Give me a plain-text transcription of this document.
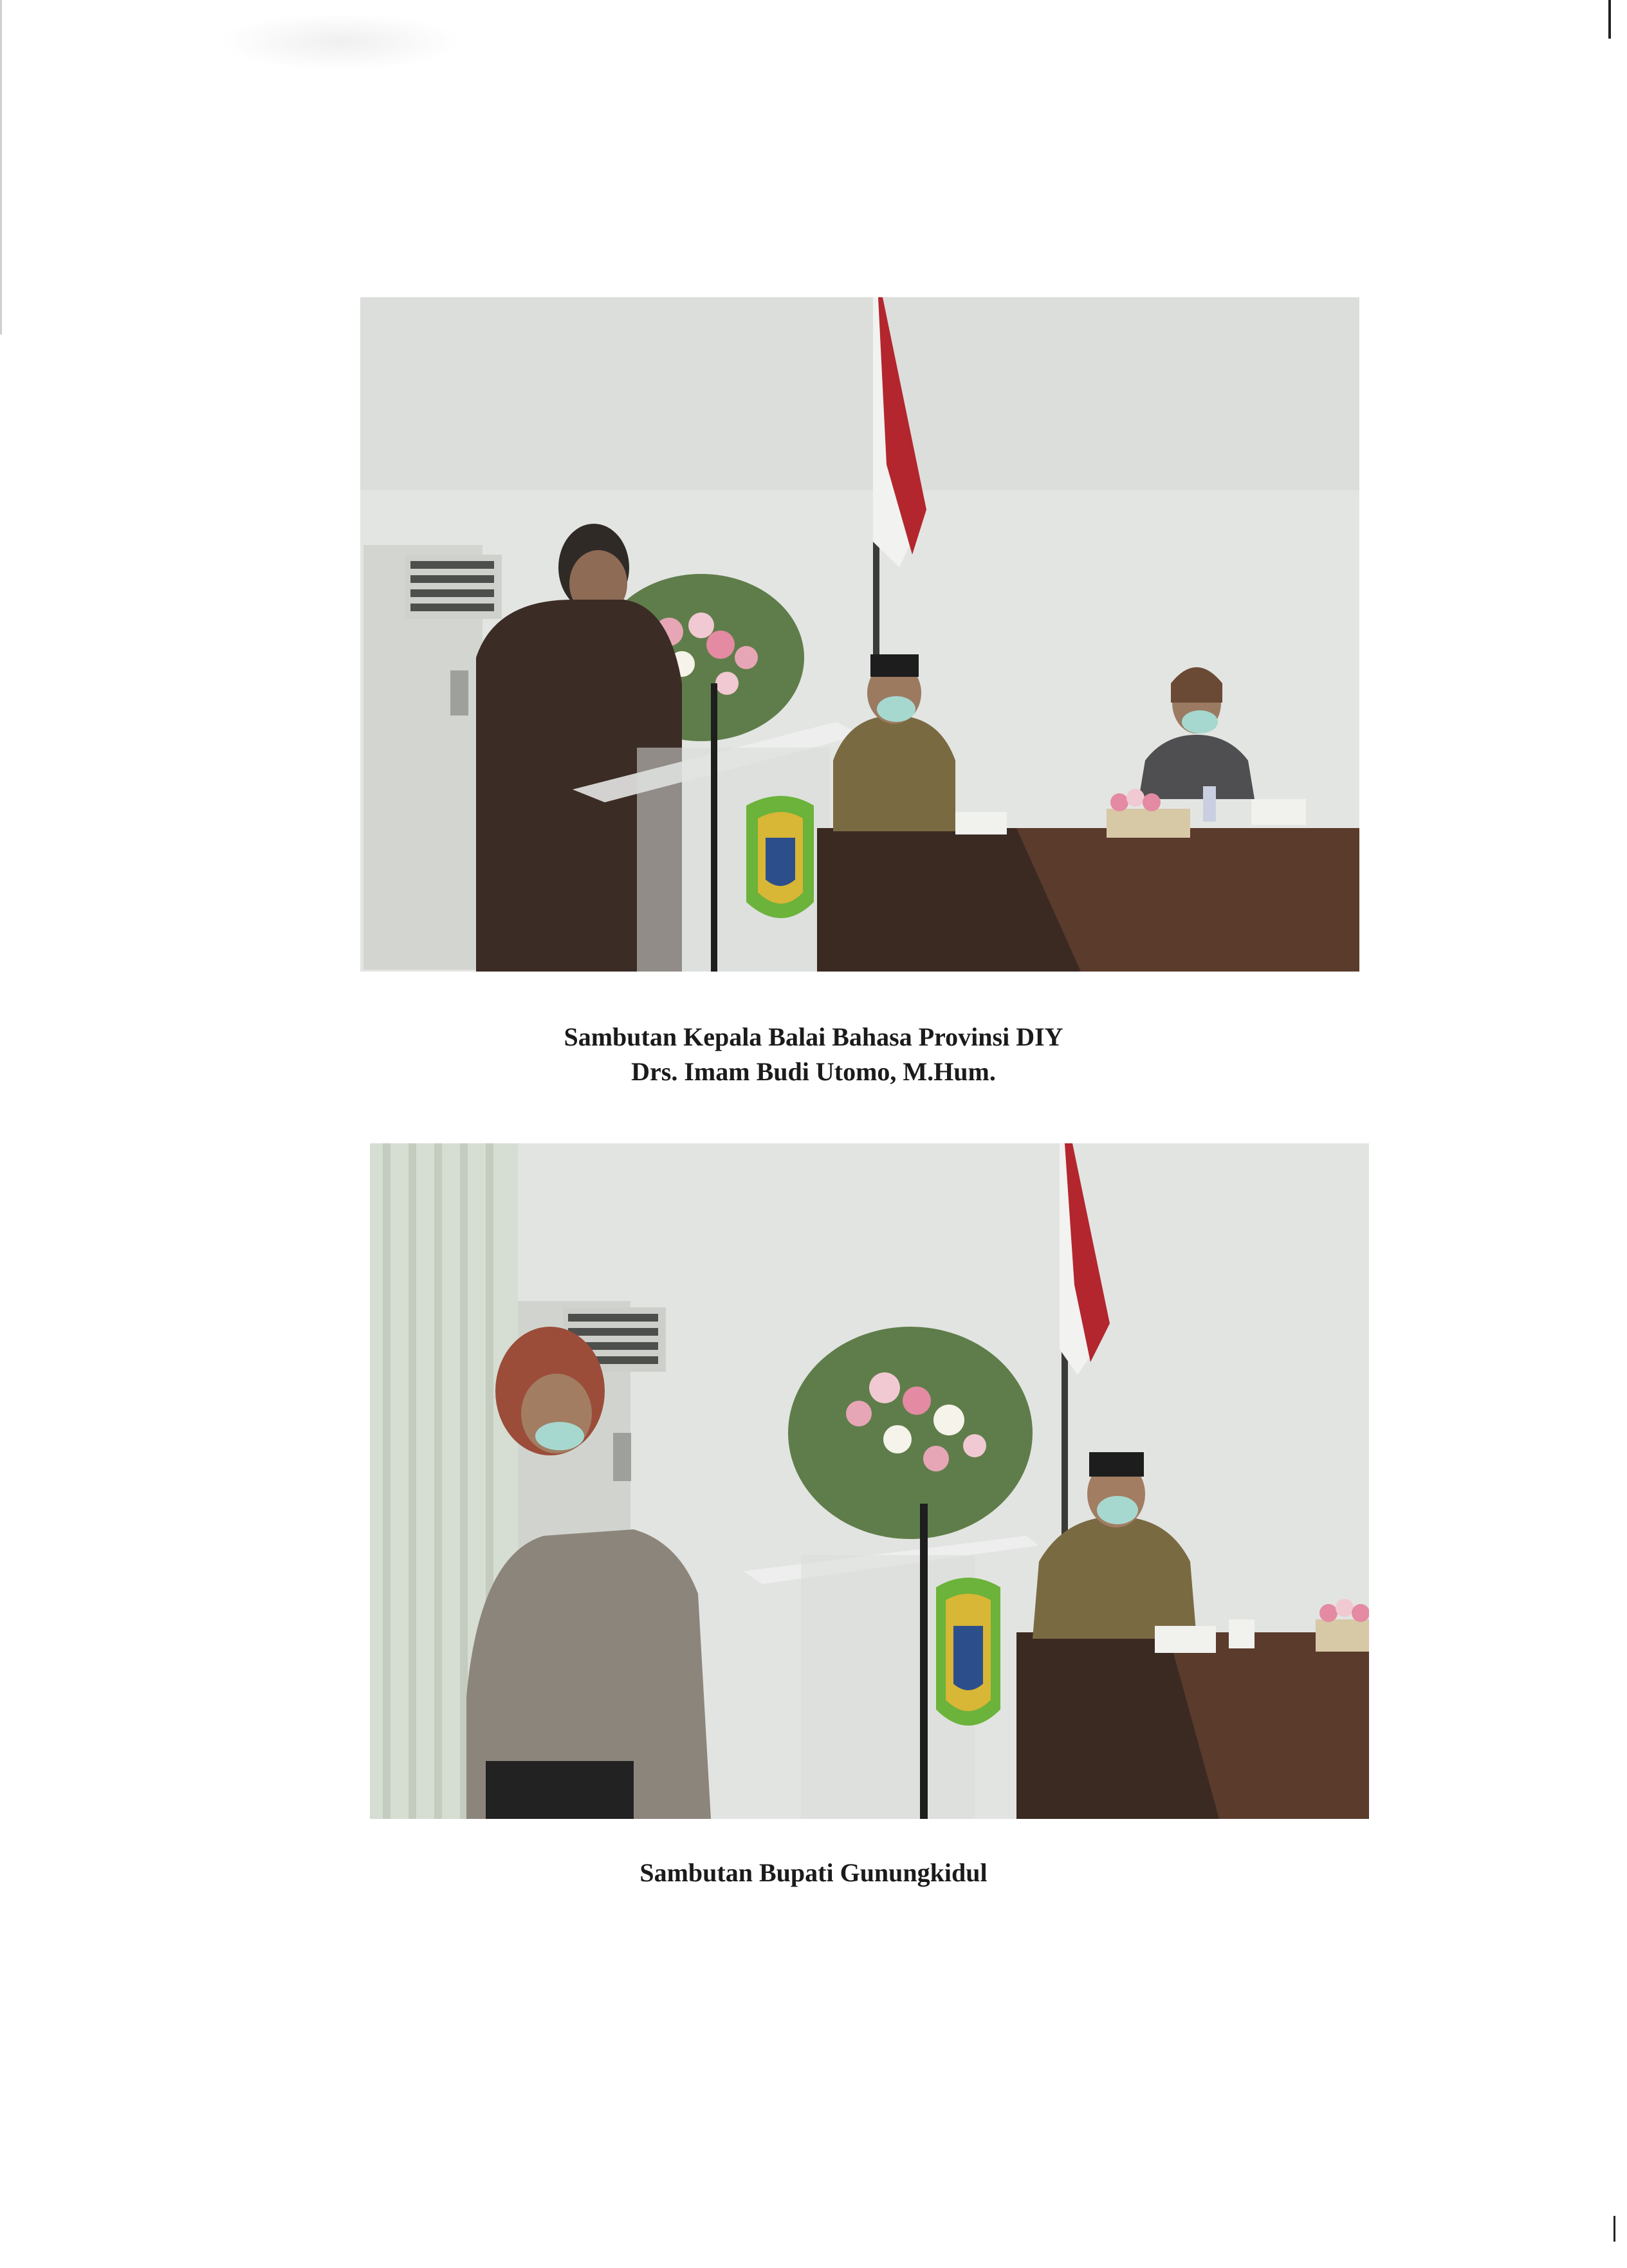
Sambutan Kepala Balai Bahasa Provinsi DIY
Drs. Imam Budi Utomo, M.Hum.
Sambutan Bupati Gunungkidul
